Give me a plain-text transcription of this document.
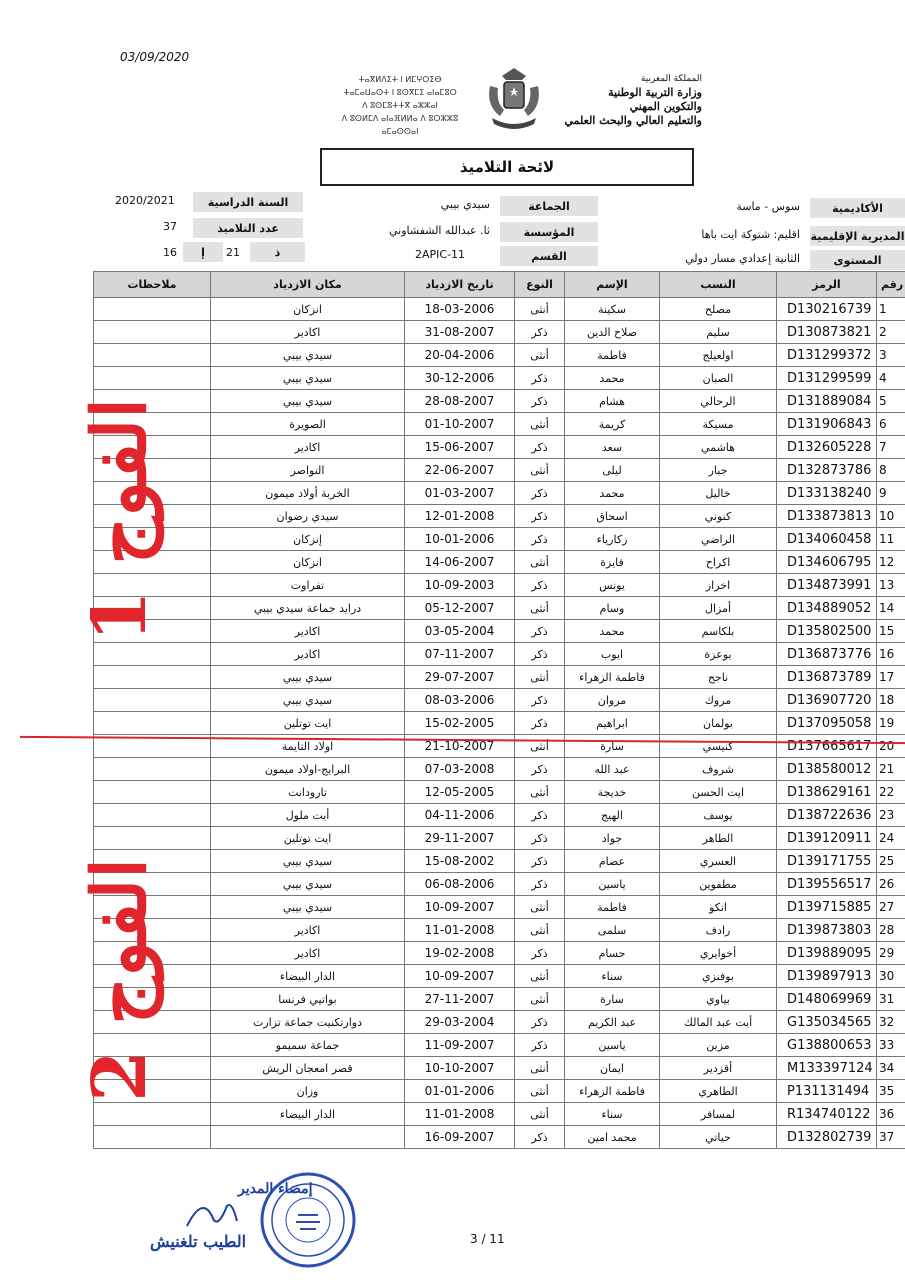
03/09/2020
ⵜⴰⴳⵍⴷⵉⵜ ⵏ ⵍⵎⵖⵔⵉⴱ
ⵜⴰⵎⴰⵡⴰⵙⵜ ⵏ ⵓⵙⴳⵎⵉ ⴰⵏⴰⵎⵓⵔ
ⴷ ⵓⵙⵎⵓⵜⵜⴳ ⴰⵣⵣⴰⵏ
ⴷ ⵓⵙⵍⵎⴷ ⴰⵏⴰⴼⵍⵍⴰ ⴷ ⵓⵔⵣⵣⵓ ⴰⵎⴰⵙⵙⴰⵏ
المملكة المغربية
وزارة التربية الوطنية
والتكوين المهني
والتعليم العالي والبحث العلمي
لائحة التلاميذ
الأكاديمية
سوس - ماسة
الجماعة
سيدي بيبي
السنة الدراسية
2020/2021
المديرية الإقليمية
اقليم: شتوكة ايت باها
المؤسسة
ثا. عبدالله الشفشاوني
عدد التلاميذ
37
المستوى
الثانية إعدادي مسار دولي
القسم
2APIC-11
ذ
21
إ
16
ملاحظات	مكان الازدياد	تاريخ الازدياد	النوع	الإسم	النسب	الرمز	رقم
	انزكان	18-03-2006	أنثى	سكينة	مصلح	D130216739	1
	اكادير	31-08-2007	ذكر	صلاح الدين	سليم	D130873821	2
	سيدي بيبي	20-04-2006	أنثى	فاطمة	اولعيلج	D131299372	3
	سيدي بيبي	30-12-2006	ذكر	محمد	الصبان	D131299599	4
	سيدي بيبي	28-08-2007	ذكر	هشام	الرحالي	D131889084	5
	الصويرة	01-10-2007	أنثى	كريمة	مسيكة	D131906843	6
	اكادير	15-06-2007	ذكر	سعد	هاشمي	D132605228	7
	النواصر	22-06-2007	أنثى	ليلى	جبار	D132873786	8
	الخربة أولاد ميمون	01-03-2007	ذكر	محمد	خاليل	D133138240	9
	سيدي رضوان	12-01-2008	ذكر	اسحاق	كنوني	D133873813	10
	إنزكان	10-01-2006	ذكر	زكارياء	الراضي	D134060458	11
	انزكان	14-06-2007	أنثى	فايزة	اكراح	D134606795	12
	تفراوت	10-09-2003	ذكر	يونس	اخراز	D134873991	13
	درايد جماعة سيدي بيبي	05-12-2007	أنثى	وسام	أمزال	D134889052	14
	اكادير	03-05-2004	ذكر	محمد	بلكاسم	D135802500	15
	اكادير	07-11-2007	ذكر	ايوب	بوعزة	D136873776	16
	سيدي بيبي	29-07-2007	أنثى	فاطمة الزهراء	ناجح	D136873789	17
	سيدي بيبي	08-03-2006	ذكر	مروان	مروك	D136907720	18
	ايت توتلين	15-02-2005	ذكر	ابراهيم	بولمان	D137095058	19
	اولاد التايمة	21-10-2007	أنثى	سارة	كنيسي	D137665617	20
	البرايج-اولاد ميمون	07-03-2008	ذكر	عبد الله	شروف	D138580012	21
	تارودانت	12-05-2005	أنثى	خديجة	ايت الحسن	D138629161	22
	أيت ملول	04-11-2006	ذكر	الهيج	يوسف	D138722636	23
	ايت توتلين	29-11-2007	ذكر	جواد	الطاهر	D139120911	24
	سيدي بيبي	15-08-2002	ذكر	عصام	العسري	D139171755	25
	سيدي بيبي	06-08-2006	ذكر	ياسين	مطفوين	D139556517	26
	سيدي بيبي	10-09-2007	أنثى	فاطمة	انكو	D139715885	27
	اكادير	11-01-2008	أنثى	سلمى	رادف	D139873803	28
	اكادير	19-02-2008	ذكر	حسام	أخوايري	D139889095	29
	الدار البيضاء	10-09-2007	أنثى	سناء	بوفنزي	D139897913	30
	بواتيي فرنسا	27-11-2007	أنثى	سارة	بياوي	D148069969	31
	دوارتكنيت جماعة تزارت	29-03-2004	ذكر	عبد الكريم	أيت عبد المالك	G135034565	32
	جماعة سميمو	11-09-2007	ذكر	ياسين	مزين	G138800653	33
	قصر امعجان الريش	10-10-2007	أنثى	ايمان	أقزدير	M133397124	34
	وزان	01-01-2006	أنثى	فاطمة الزهراء	الطاهري	P131131494	35
	الدار البيضاء	11-01-2008	أنثى	سناء	لمسافر	R134740122	36
		16-09-2007	ذكر	محمد امين	حياتي	D132802739	37
الفوج 1
الفوج 2
إمضاء المدير
الطيب تلغنيش	3 / 11
